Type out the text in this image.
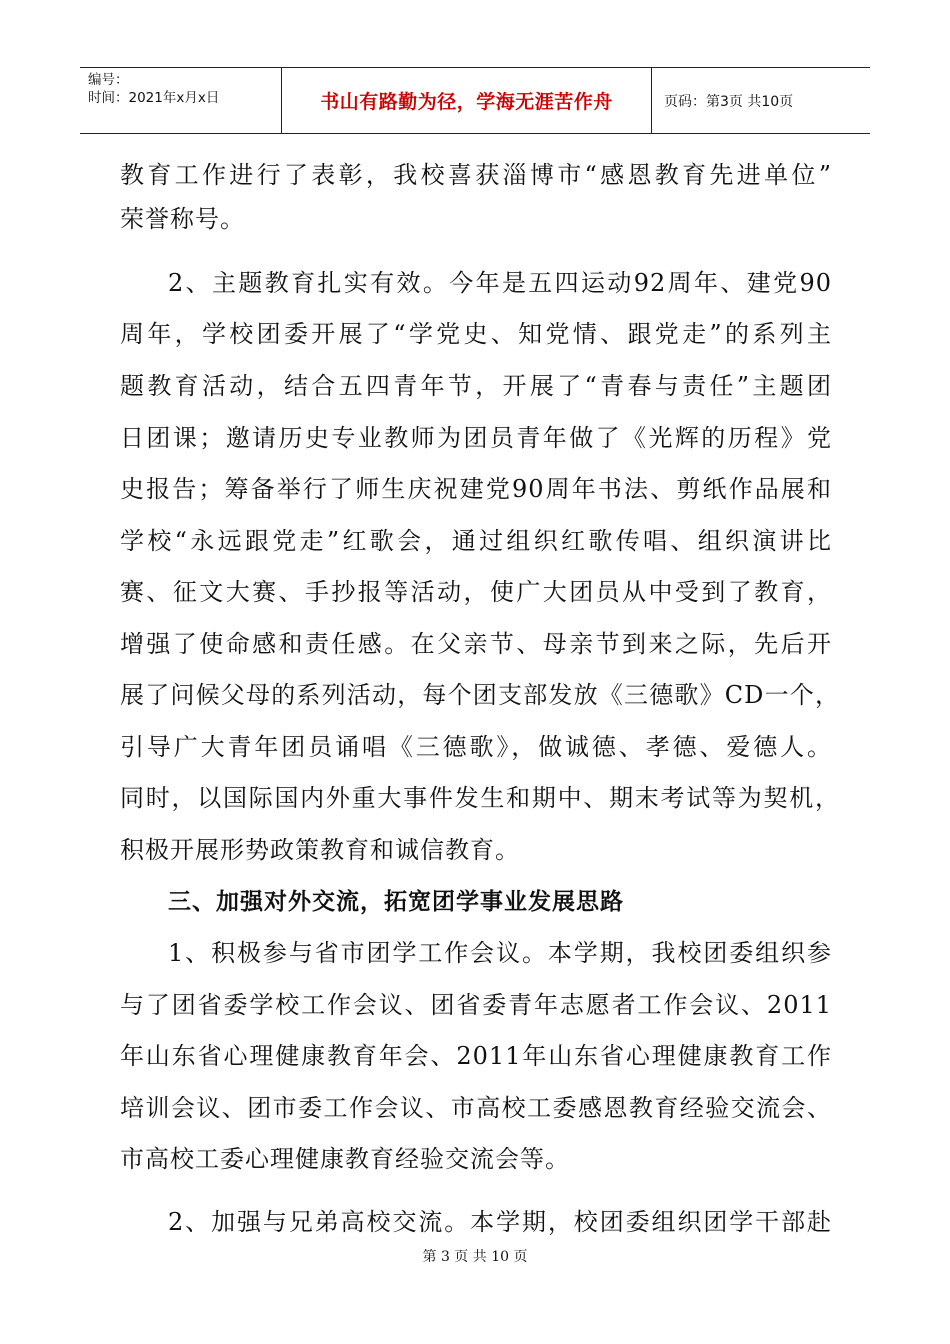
编号：
时间：2021年x月x日	书山有路勤为径，学海无涯苦作舟	页码：第3页 共10页
教育工作进行了表彰，我校喜获淄博市“感恩教育先进单位”
荣誉称号。
2、主题教育扎实有效。今年是五四运动92周年、建党90
周年，学校团委开展了“学党史、知党情、跟党走”的系列主
题教育活动，结合五四青年节，开展了“青春与责任”主题团
日团课；邀请历史专业教师为团员青年做了《光辉的历程》党
史报告；筹备举行了师生庆祝建党90周年书法、剪纸作品展和
学校“永远跟党走”红歌会，通过组织红歌传唱、组织演讲比
赛、征文大赛、手抄报等活动，使广大团员从中受到了教育，
增强了使命感和责任感。在父亲节、母亲节到来之际，先后开
展了问候父母的系列活动，每个团支部发放《三德歌》CD一个，
引导广大青年团员诵唱《三德歌》，做诚德、孝德、爱德人。
同时，以国际国内外重大事件发生和期中、期末考试等为契机，
积极开展形势政策教育和诚信教育。
三、加强对外交流，拓宽团学事业发展思路
1、积极参与省市团学工作会议。本学期，我校团委组织参
与了团省委学校工作会议、团省委青年志愿者工作会议、2011
年山东省心理健康教育年会、2011年山东省心理健康教育工作
培训会议、团市委工作会议、市高校工委感恩教育经验交流会、
市高校工委心理健康教育经验交流会等。
2、加强与兄弟高校交流。本学期，校团委组织团学干部赴
第 3 页 共 10 页
